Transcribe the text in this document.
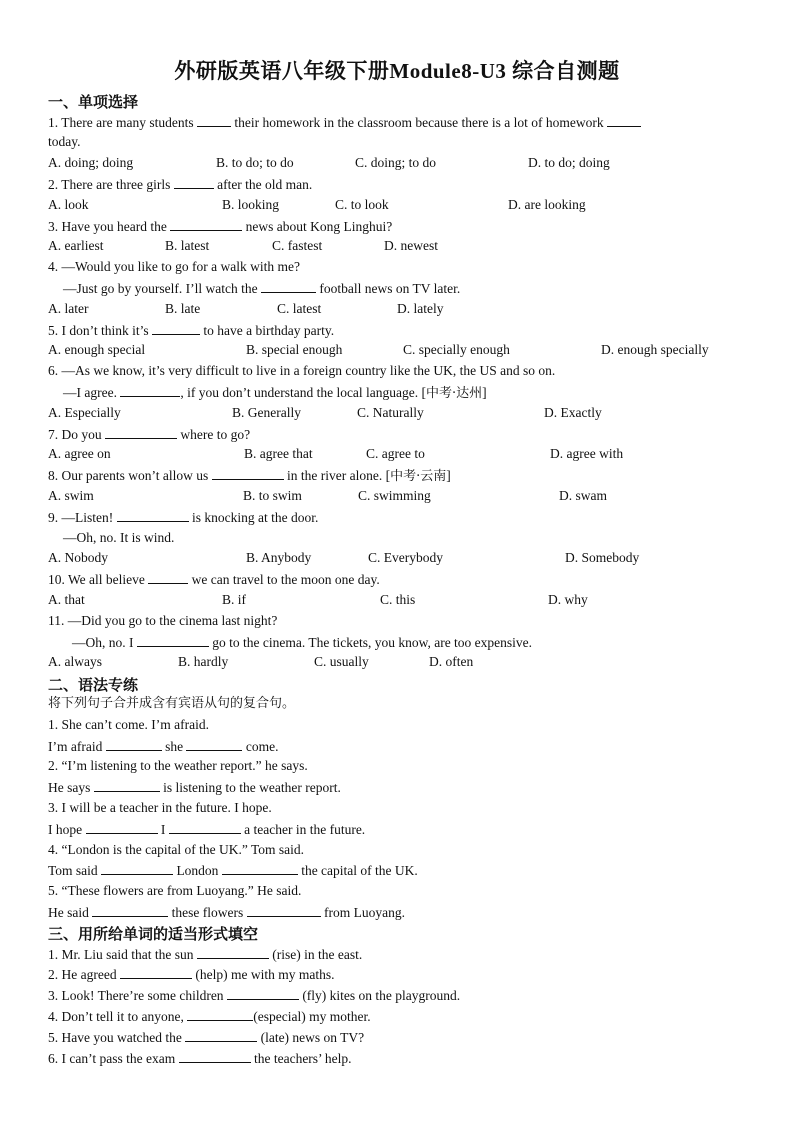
外研版英语八年级下册Module8-U3 综合自测题
一、单项选择
1. There are many students	their homework in the classroom because there is a lot of homework
today.
A. doing; doing	B. to do; to do	C. doing; to do	D. to do; doing
2. There are three girls	after the old man.
A. look	B. looking	C. to look	D. are looking
3. Have you heard the	news about Kong Linghui?
A. earliest	B. latest	C. fastest	D. newest
4. —Would you like to go for a walk with me?
—Just go by yourself. I’ll watch the	football news on TV later.
A. later	B. late	C. latest	D. lately
5. I don’t think it’s	to have a birthday party.
A. enough special	B. special enough	C. specially enough	D. enough specially
6. —As we know, it’s very difficult to live in a foreign country like the UK, the US and so on.
—I agree.	, if you don’t understand the local language. [中考·达州]
A. Especially	B. Generally	C. Naturally	D. Exactly
7. Do you	where to go?
A. agree on	B. agree that	C. agree to	D. agree with
8. Our parents won’t allow us	in the river alone. [中考·云南]
A. swim	B. to swim	C. swimming	D. swam
9. —Listen!	is knocking at the door.
—Oh, no. It is wind.
A. Nobody	B. Anybody	C. Everybody	D. Somebody
10. We all believe	we can travel to the moon one day.
A. that	B. if	C. this	D. why
11. —Did you go to the cinema last night?
—Oh, no. I	go to the cinema. The tickets, you know, are too expensive.
A. always	B. hardly	C. usually	D. often
二、语法专练
将下列句子合并成含有宾语从句的复合句。
1. She can’t come. I’m afraid.
I’m afraid	she	come.
2. “I’m listening to the weather report.” he says.
He says	is listening to the weather report.
3. I will be a teacher in the future. I hope.
I hope	I	a teacher in the future.
4. “London is the capital of the UK.” Tom said.
Tom said	London	the capital of the UK.
5. “These flowers are from Luoyang.” He said.
He said	these flowers	from Luoyang.
三、用所给单词的适当形式填空
1. Mr. Liu said that the sun	(rise) in the east.
2. He agreed	(help) me with my maths.
3. Look! There’re some children	(fly) kites on the playground.
4. Don’t tell it to anyone,	(especial) my mother.
5. Have you watched the	(late) news on TV?
6. I can’t pass the exam	the teachers’ help.
